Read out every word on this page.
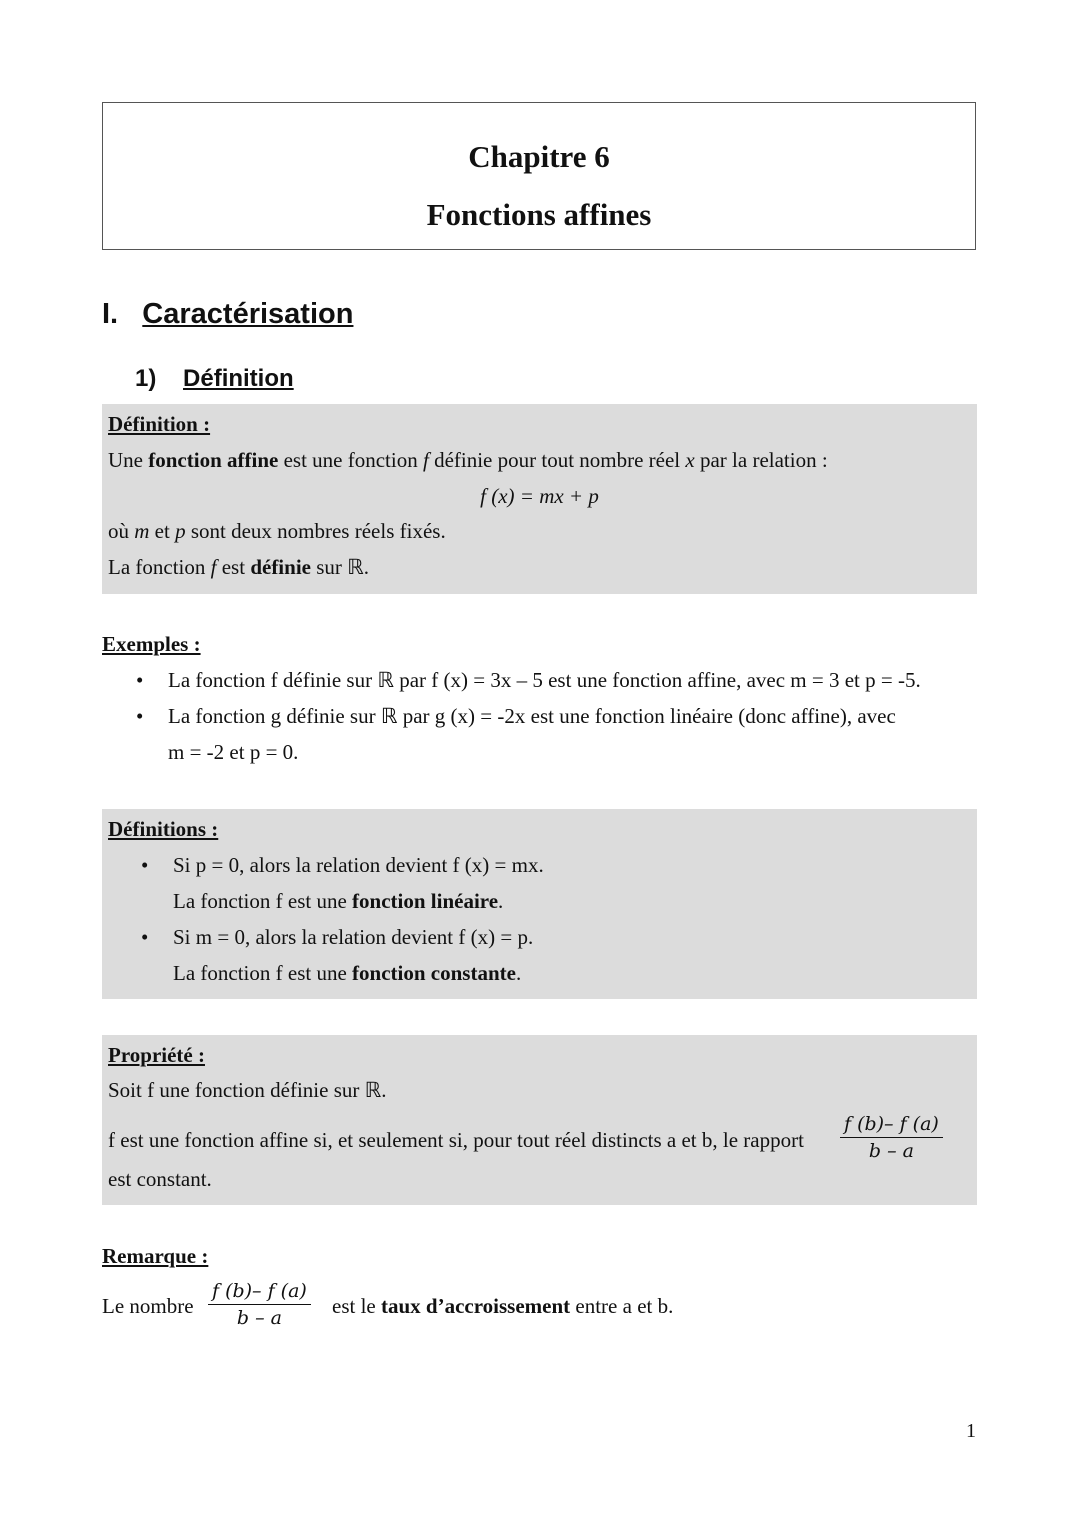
Chapitre 6
Fonctions affines
I. Caractérisation
1) Définition
Définition :
Une fonction affine est une fonction f définie pour tout nombre réel x par la relation :
f (x) = mx + p
où m et p sont deux nombres réels fixés.
La fonction f est définie sur ℝ.
Exemples :
• La fonction f définie sur ℝ par f (x) = 3x – 5 est une fonction affine, avec m = 3 et p = -5.
• La fonction g définie sur ℝ par g (x) = -2x est une fonction linéaire (donc affine), avec
m = -2 et p = 0.
Définitions :
• Si p = 0, alors la relation devient f (x) = mx.
La fonction f est une fonction linéaire.
• Si m = 0, alors la relation devient f (x) = p.
La fonction f est une fonction constante.
Propriété :
Soit f une fonction définie sur ℝ.
f est une fonction affine si, et seulement si, pour tout réel distincts a et b, le rapport $\frac{f (b)- f (a)}{b - a}$
est constant.
Remarque :
Le nombre $\frac{f (b)- f (a)}{b - a}$ est le taux d’accroissement entre a et b.
1
